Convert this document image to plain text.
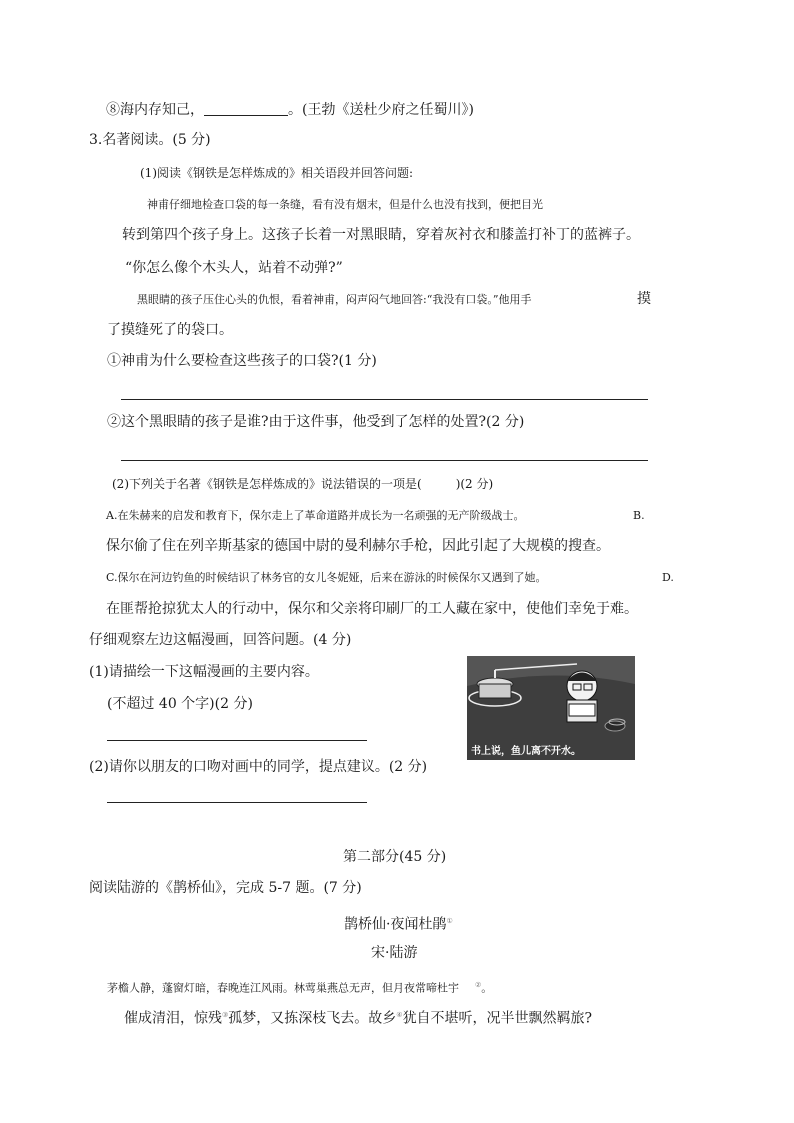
⑧海内存知己，	。(王勃《送杜少府之任蜀川》)
3.名著阅读。(5 分)
(1)阅读《钢铁是怎样炼成的》相关语段并回答问题:
神甫仔细地检查口袋的每一条缝，看有没有烟末，但是什么也没有找到，便把目光
转到第四个孩子身上。这孩子长着一对黑眼睛，穿着灰衬衣和膝盖打补丁的蓝裤子。
“你怎么像个木头人，站着不动弹?”
黑眼睛的孩子压住心头的仇恨，看着神甫，闷声闷气地回答:“我没有口袋。”他用手	摸
了摸缝死了的袋口。
①神甫为什么要检查这些孩子的口袋?(1 分)
②这个黑眼睛的孩子是谁?由于这件事，他受到了怎样的处置?(2 分)
(2)下列关于名著《钢铁是怎样炼成的》说法错误的一项是(	)(2 分)
A.在朱赫来的启发和教育下，保尔走上了革命道路并成长为一名顽强的无产阶级战士。	B.
保尔偷了住在列辛斯基家的德国中尉的曼利赫尔手枪，因此引起了大规模的搜查。
C.保尔在河边钓鱼的时候结识了林务官的女儿冬妮娅，后来在游泳的时候保尔又遇到了她。	D.
在匪帮抢掠犹太人的行动中，保尔和父亲将印刷厂的工人藏在家中，使他们幸免于难。
仔细观察左边这幅漫画，回答问题。(4 分)
(1)请描绘一下这幅漫画的主要内容。
(不超过 40 个字)(2 分)
(2)请你以朋友的口吻对画中的同学，提点建议。(2 分)
书上说，鱼儿离不开水。
第二部分(45 分)
阅读陆游的《鹊桥仙》，完成 5-7 题。(7 分)
鹊桥仙·夜闻杜鹃①
宋·陆游
茅檐人静，蓬窗灯暗，春晚连江风雨。林莺巢燕总无声，但月夜常啼杜宇 ②。
催成清泪，惊残③孤梦，又拣深枝飞去。故乡④犹自不堪听，况半世飘然羁旅?
